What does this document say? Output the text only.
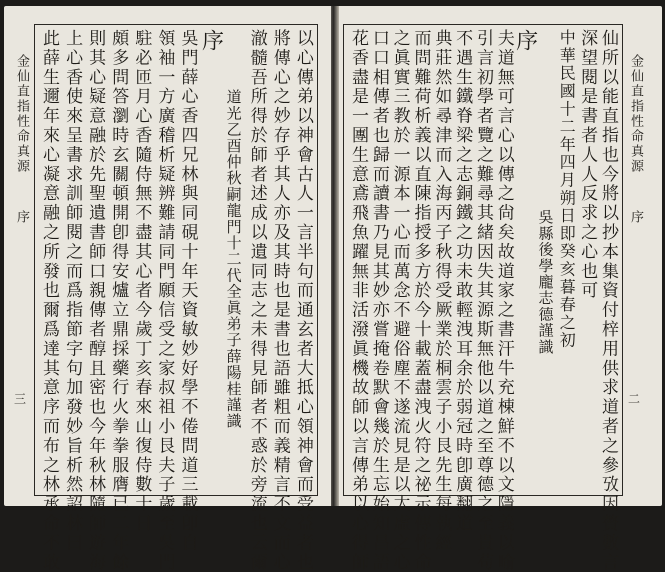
金仙直指性命真源 序
二
仙所以能直指也今將以抄本集資付梓用供求道者之參攷因贅數言
深望閱是書者人人反求之心也可
中華民國十二年四月朔日即癸亥暮春之初
吳縣後學龐志德謹識
序
夫道無可言心以傳之尙矣故道家之書汗牛充棟鮮不以文隱義以喻
引言初學者覽之難尋其緒因失其源斯無他以道之至尊德之至貴苟
不遇生鐵脊梁之志銅鐵之功未敢輕洩耳余於弱冠時卽廣翻道
典莊然如尋津而入海丙子秋得受厥業於桐雲子小艮先生每執經
而問難荷析義以直陳指授多方於今十載蓋盡洩火符之祕示傳性命
之眞實三教於一源本一心而萬念不避俗塵不遂流見是以太虛之心
口口相傳者也歸而讀書乃見其妙亦嘗掩卷默會幾於生忘始知昌語
花香盡是一團生意鳶飛魚躍無非活潑眞機故師以言傳弟以心得師
金仙直指性命真源 序
三	以心傳弟以神會古人一言半句而通玄者大抵心領神會而受益者也
將傳心之妙存乎其人亦及其時也是書也語雖粗而義精言不文而心
澈髓吾所得於師者述成以遺同志之未得見師者不惑於旁流也云爾
道光乙酉仲秋嗣龍門十二代全眞弟子薛陽桂謹識
序
吳門薛心香四兄林與同硯十年天資敏妙好學不倦問道三載卽自
領袖一方廣稽析疑辨難請同門願信受之家叔祖小艮夫子歲至吳門
駐必匝月心香隨侍無不盡其心者今歲丁亥春來山復侍數十日
頗多問答瀏時玄關頓開卽得安爐立鼎採藥行火拳拳服膺已二年餘
則其心疑意融於先聖遺書師口親傳者醇且密也今年秋林隨師遊海
上心香使來呈書求訓師閱之而爲指節字句加發妙旨析然詔林曰
此薛生邇年來心凝意融之所發也爾爲達其意序而布之林承命不敢
